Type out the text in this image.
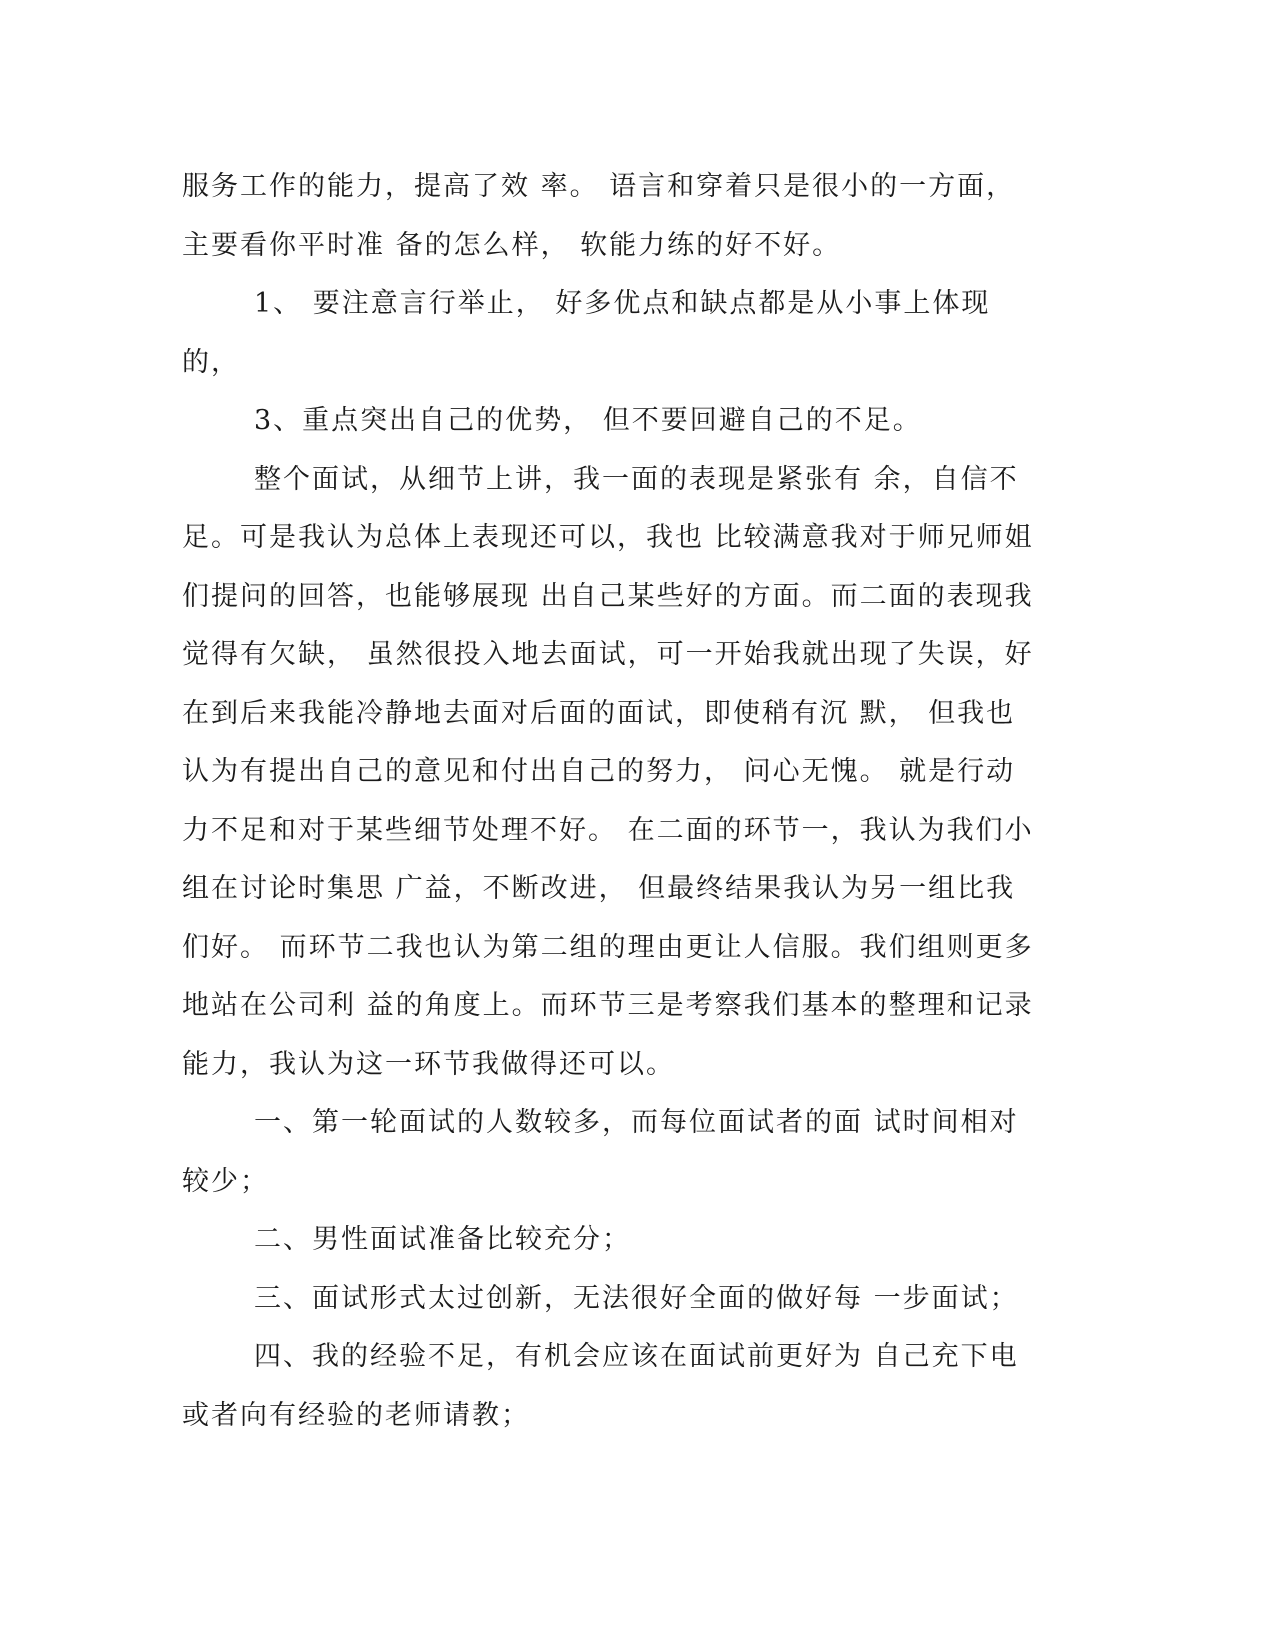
服务工作的能力，提高了效 率。 语言和穿着只是很小的一方面，主要看你平时准 备的怎么样， 软能力练的好不好。

1、 要注意言行举止， 好多优点和缺点都是从小事上体现的，

3、重点突出自己的优势， 但不要回避自己的不足。

整个面试，从细节上讲，我一面的表现是紧张有 余，自信不足。可是我认为总体上表现还可以，我也 比较满意我对于师兄师姐们提问的回答，也能够展现 出自己某些好的方面。而二面的表现我觉得有欠缺， 虽然很投入地去面试，可一开始我就出现了失误，好 在到后来我能冷静地去面对后面的面试，即使稍有沉 默， 但我也认为有提出自己的意见和付出自己的努力， 问心无愧。 就是行动力不足和对于某些细节处理不好。 在二面的环节一，我认为我们小组在讨论时集思 广益，不断改进， 但最终结果我认为另一组比我们好。 而环节二我也认为第二组的理由更让人信服。我们组则更多地站在公司利 益的角度上。而环节三是考察我们基本的整理和记录 能力，我认为这一环节我做得还可以。

一、第一轮面试的人数较多，而每位面试者的面 试时间相对较少；

二、男性面试准备比较充分；

三、面试形式太过创新，无法很好全面的做好每 一步面试；

四、我的经验不足，有机会应该在面试前更好为 自己充下电或者向有经验的老师请教；
